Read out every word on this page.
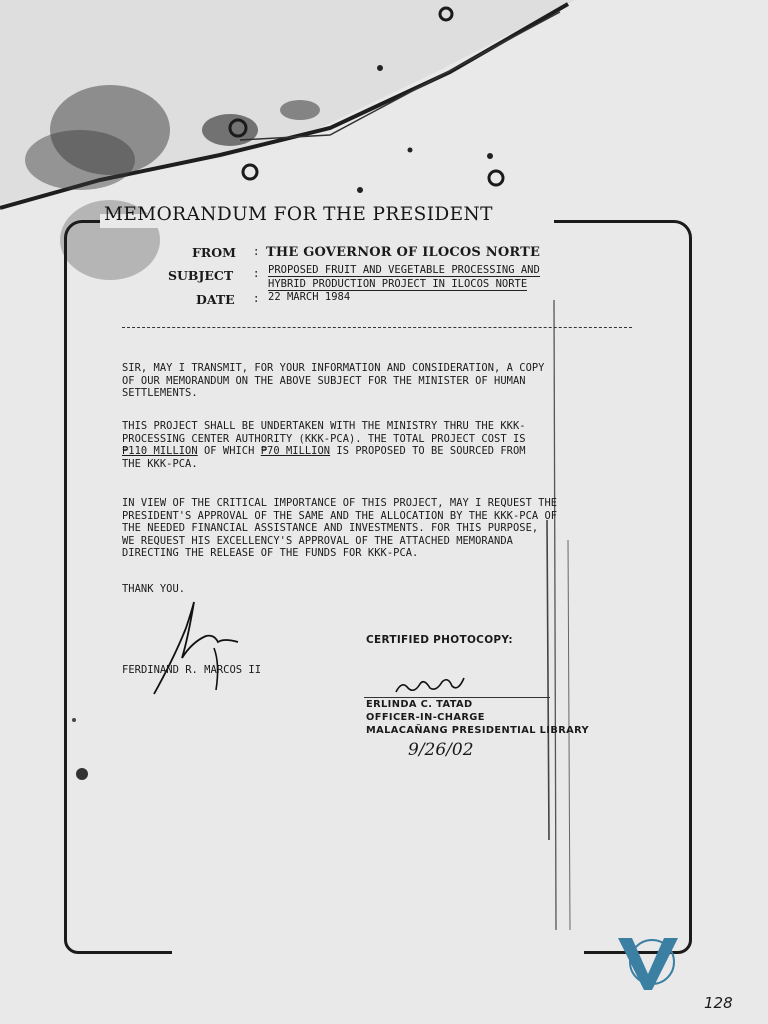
MEMORANDUM FOR THE PRESIDENT
FROM : THE GOVERNOR OF ILOCOS NORTE
SUBJECT : PROPOSED FRUIT AND VEGETABLE PROCESSING AND
HYBRID PRODUCTION PROJECT IN ILOCOS NORTE
DATE : 22 MARCH 1984
SIR, MAY I TRANSMIT, FOR YOUR INFORMATION AND CONSIDERATION, A COPY
OF OUR MEMORANDUM ON THE ABOVE SUBJECT FOR THE MINISTER OF HUMAN
SETTLEMENTS.
THIS PROJECT SHALL BE UNDERTAKEN WITH THE MINISTRY THRU THE KKK-
PROCESSING CENTER AUTHORITY (KKK-PCA). THE TOTAL PROJECT COST IS
₱110 MILLION OF WHICH ₱70 MILLION IS PROPOSED TO BE SOURCED FROM
THE KKK-PCA.
IN VIEW OF THE CRITICAL IMPORTANCE OF THIS PROJECT, MAY I REQUEST THE
PRESIDENT'S APPROVAL OF THE SAME AND THE ALLOCATION BY THE KKK-PCA OF
THE NEEDED FINANCIAL ASSISTANCE AND INVESTMENTS. FOR THIS PURPOSE,
WE REQUEST HIS EXCELLENCY'S APPROVAL OF THE ATTACHED MEMORANDA
DIRECTING THE RELEASE OF THE FUNDS FOR KKK-PCA.
THANK YOU.
FERDINAND R. MARCOS II
CERTIFIED PHOTOCOPY:
ERLINDA C. TATAD
OFFICER-IN-CHARGE
MALACAÑANG PRESIDENTIAL LIBRARY
9/26/02
128
